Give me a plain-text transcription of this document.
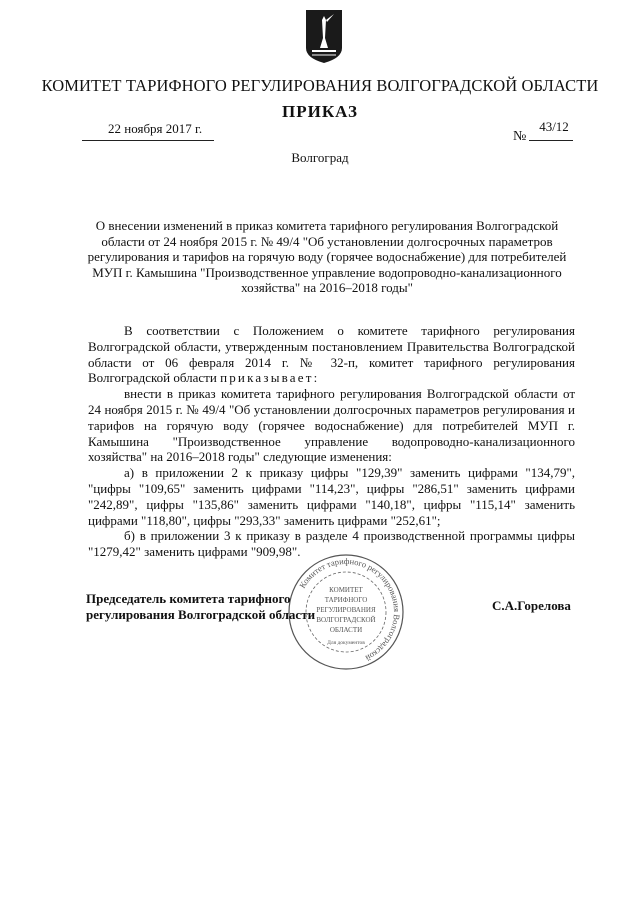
КОМИТЕТ ТАРИФНОГО РЕГУЛИРОВАНИЯ ВОЛГОГРАДСКОЙ ОБЛАСТИ
ПРИКАЗ
22 ноября 2017 г.
№
43/12
Волгоград
О внесении изменений в приказ комитета тарифного регулирования Волгоградской области от 24 ноября 2015 г. № 49/4 "Об установлении долгосрочных параметров регулирования и тарифов на горячую воду (горячее водоснабжение) для потребителей МУП г. Камышина "Производственное управление водопроводно-канализационного хозяйства" на 2016–2018 годы"

В соответствии с Положением о комитете тарифного регулирования Волгоградской области, утвержденным постановлением Правительства Волгоградской области от 06 февраля 2014 г. № 32-п, комитет тарифного регулирования Волгоградской области приказывает:

внести в приказ комитета тарифного регулирования Волгоградской области от 24 ноября 2015 г. № 49/4 "Об установлении долгосрочных параметров регулирования и тарифов на горячую воду (горячее водоснабжение) для потребителей МУП г. Камышина "Производственное управление водопроводно-канализационного хозяйства" на 2016–2018 годы" следующие изменения:

а) в приложении 2 к приказу цифры "129,39" заменить цифрами "134,79", "цифры "109,65" заменить цифрами "114,23", цифры "286,51" заменить цифрами "242,89", цифры "135,86" заменить цифрами "140,18", цифры "115,14" заменить цифрами "118,80", цифры "293,33" заменить цифрами "252,61";

б) в приложении 3 к приказу в разделе 4 производственной программы цифры "1279,42" заменить цифрами "909,98".

Комитет тарифного регулирования Волгоградской
КОМИТЕТ
ТАРИФНОГО
РЕГУЛИРОВАНИЯ
ВОЛГОГРАДСКОЙ
ОБЛАСТИ
Для документов
Председатель комитета тарифного
регулирования Волгоградской области
С.А.Горелова
